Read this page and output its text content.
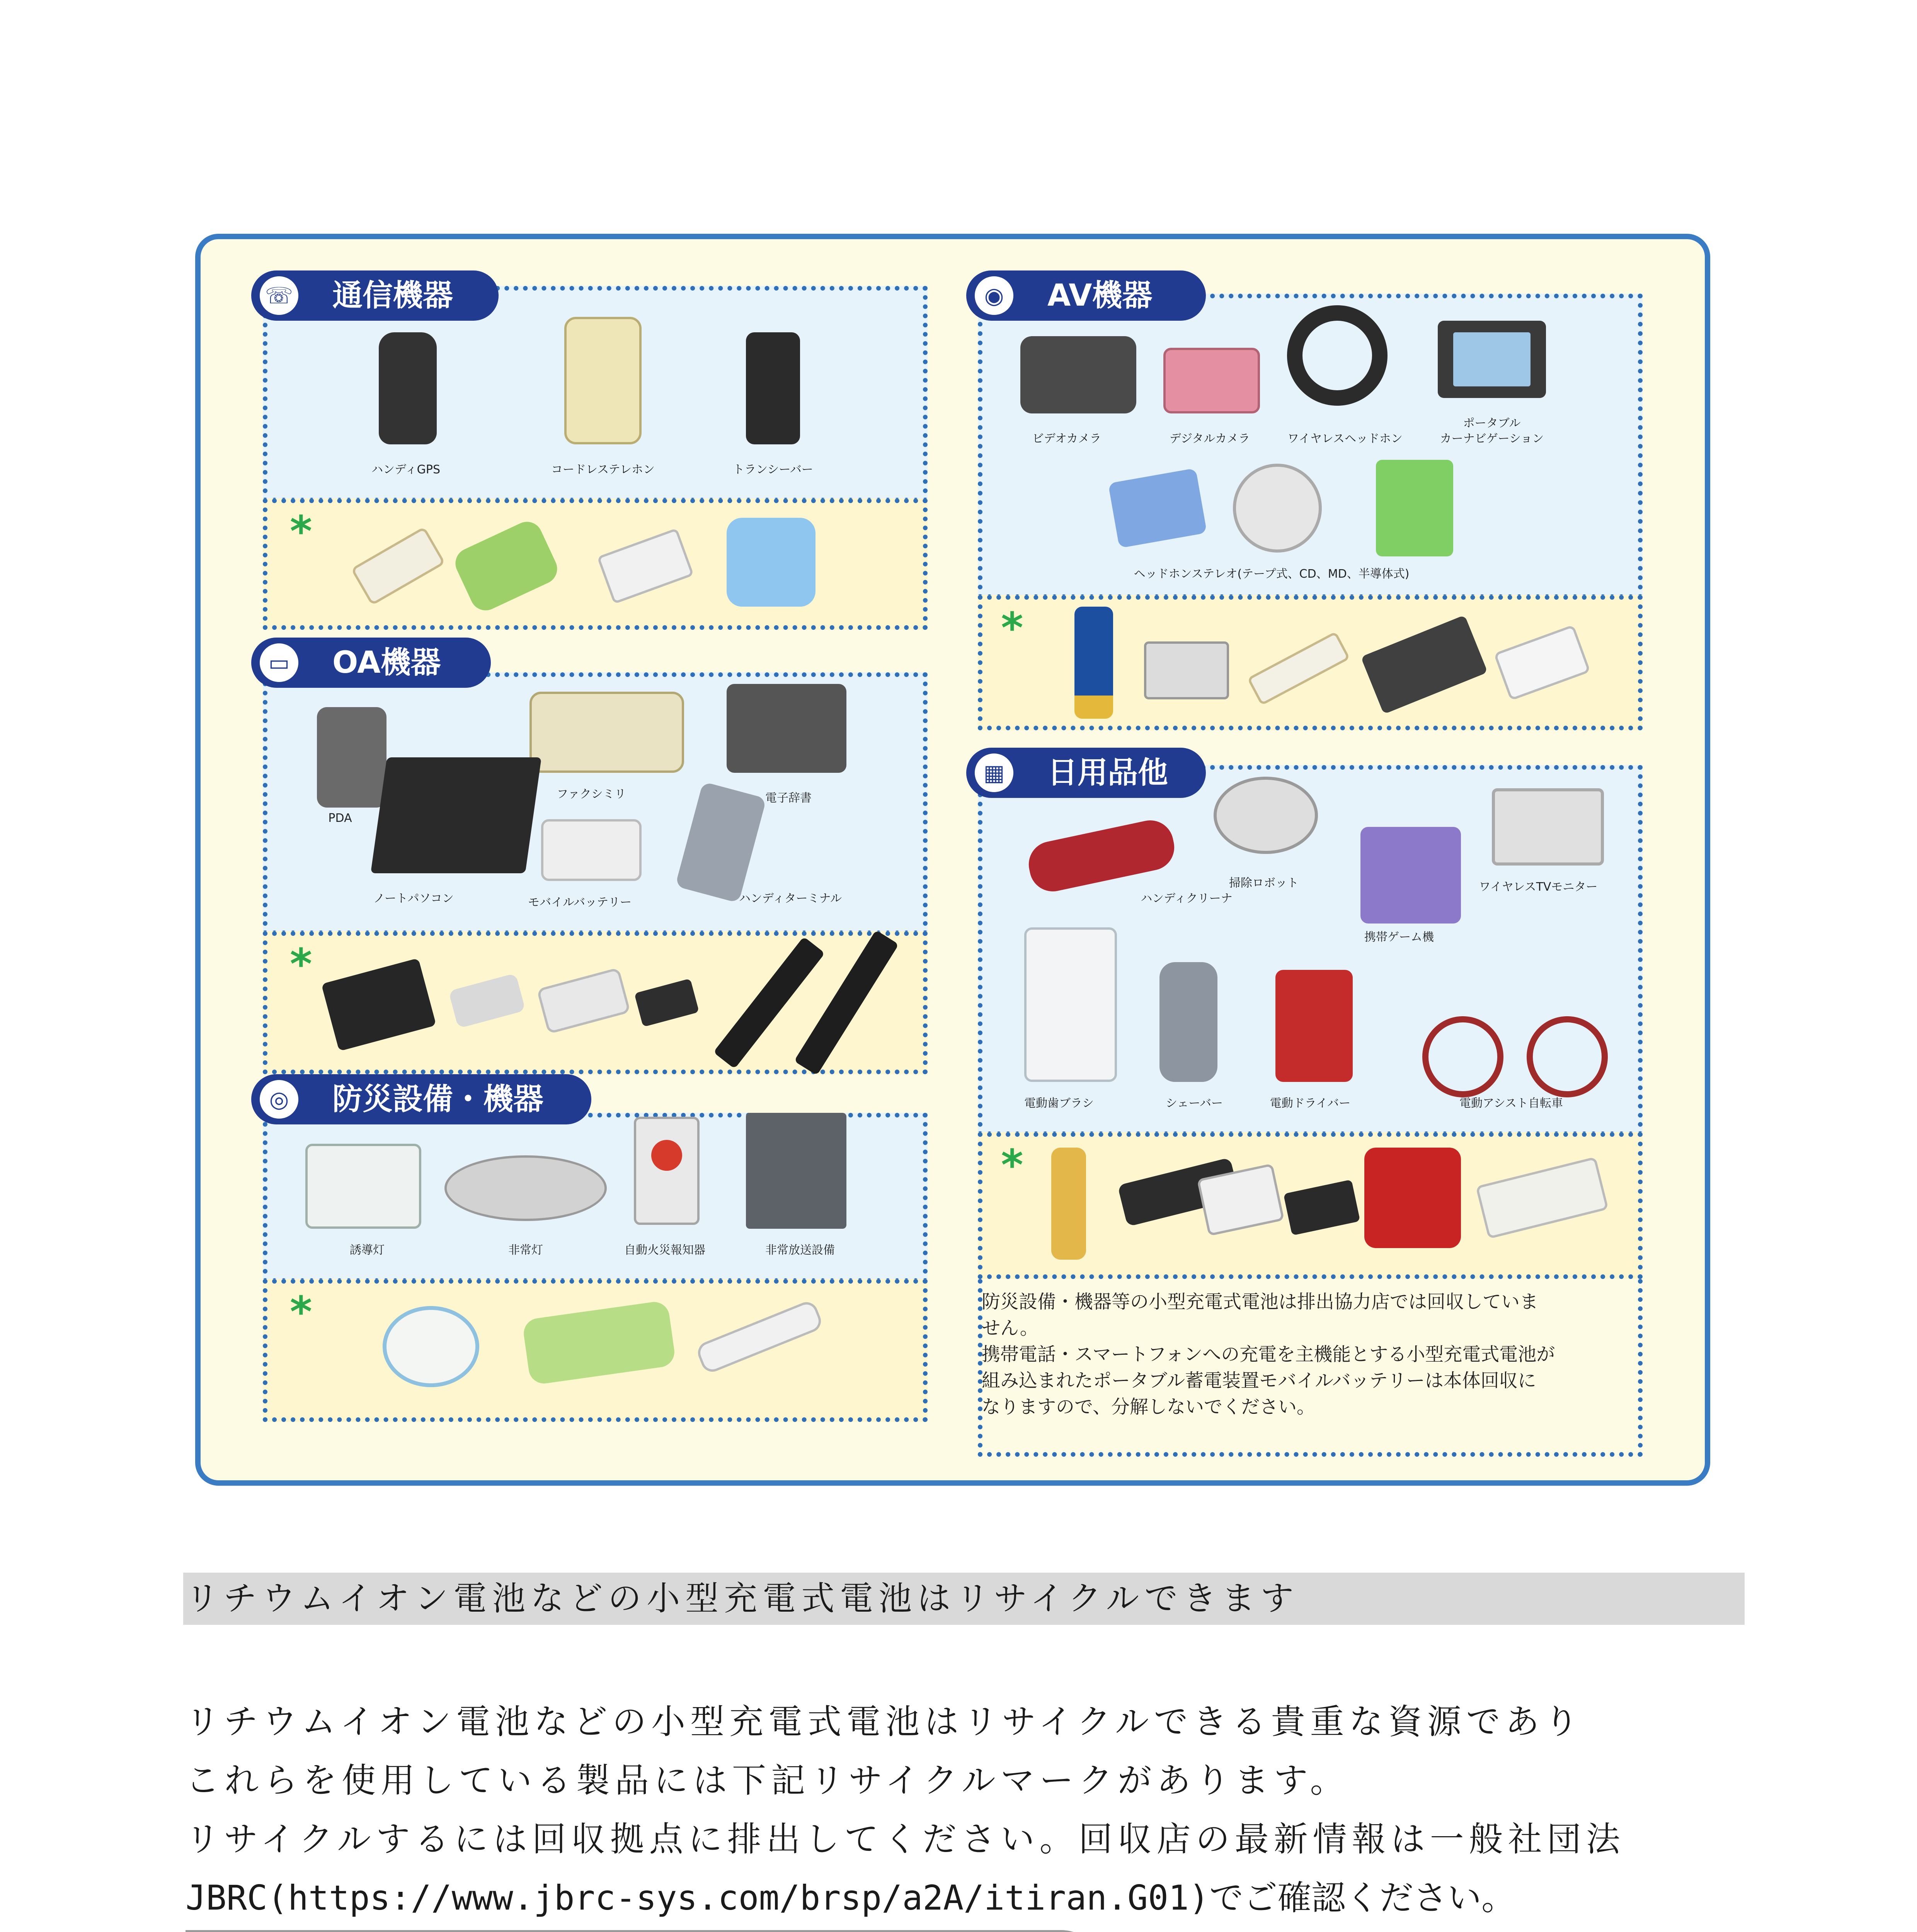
☏ 通信機器
ハンディGPS	コードレステレホン	トランシーバー
*
▭ OA機器
PDA
ファクシミリ	電子辞書
ノートパソコン	モバイルバッテリー	ハンディターミナル
*
◎	防災設備・機器
誘導灯	非常灯	自動火災報知器	非常放送設備
*
◉	AV機器
ビデオカメラ	デジタルカメラ	ワイヤレスヘッドホン
ポータブル
カーナビゲーション
ヘッドホンステレオ(テープ式、CD、MD、半導体式)
*
▦ 日用品他
ハンディクリーナ
掃除ロボット
携帯ゲーム機
ワイヤレスTVモニター
電動歯ブラシ	シェーバー	電動ドライバー	電動アシスト自転車
*
防災設備・機器等の小型充電式電池は排出協力店では回収していま
せん。
携帯電話・スマートフォンへの充電を主機能とする小型充電式電池が
組み込まれたポータブル蓄電装置モバイルバッテリーは本体回収に
なりますので、分解しないでください。
リチウムイオン電池などの小型充電式電池はリサイクルできます
リチウムイオン電池などの小型充電式電池はリサイクルできる貴重な資源であり
これらを使用している製品には下記リサイクルマークがあります。
リサイクルするには回収拠点に排出してください。回収店の最新情報は一般社団法
JBRC(https://www.jbrc-sys.com/brsp/a2A/itiran.G01)でご確認ください。
